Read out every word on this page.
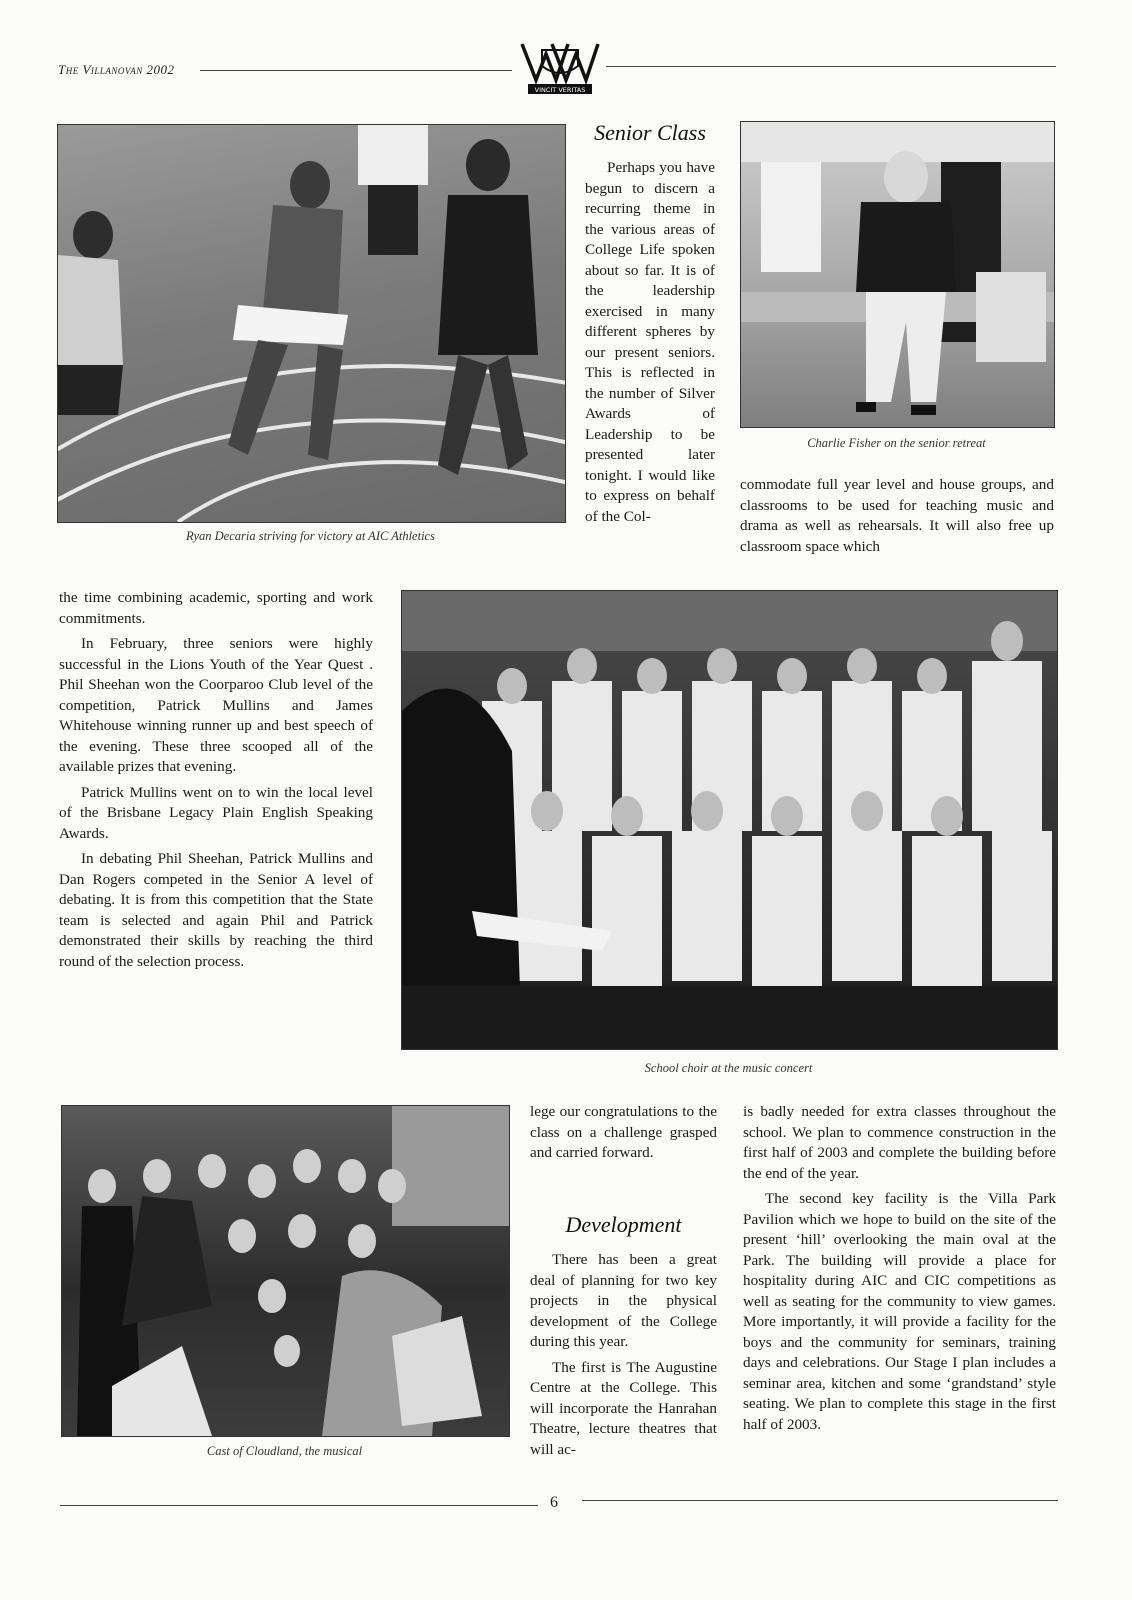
The Villanovan 2002
VINCIT VERITAS
Ryan Decaria striving for victory at AIC Athletics
Senior Class

Perhaps you have begun to discern a recurring theme in the various areas of College Life spoken about so far. It is of the leadership exercised in many different spheres by our present seniors. This is reflected in the number of Silver Awards of Leadership to be presented later tonight. I would like to express on behalf of the Col-

Charlie Fisher on the senior retreat

commodate full year level and house groups, and classrooms to be used for teaching music and drama as well as rehearsals. It will also free up classroom space which

the time combining academic, sporting and work commitments.

In February, three seniors were highly successful in the Lions Youth of the Year Quest . Phil Sheehan won the Coorparoo Club level of the competition, Patrick Mullins and James Whitehouse winning runner up and best speech of the evening. These three scooped all of the available prizes that evening.

Patrick Mullins went on to win the local level of the Brisbane Legacy Plain English Speaking Awards.

In debating Phil Sheehan, Patrick Mullins and Dan Rogers competed in the Senior A level of debating. It is from this competition that the State team is selected and again Phil and Patrick demonstrated their skills by reaching the third round of the selection process.

School choir at the music concert
Cast of Cloudland, the musical

lege our congratulations to the class on a challenge grasped and carried forward.

Development

There has been a great deal of planning for two key projects in the physical development of the College during this year.

The first is The Augustine Centre at the College. This will incorporate the Hanrahan Theatre, lecture theatres that will ac-

is badly needed for extra classes throughout the school. We plan to commence construction in the first half of 2003 and complete the building before the end of the year.

The second key facility is the Villa Park Pavilion which we hope to build on the site of the present ‘hill’ overlooking the main oval at the Park. The building will provide a place for hospitality during AIC and CIC competitions as well as seating for the community to view games. More importantly, it will provide a facility for the boys and the community for seminars, training days and celebrations. Our Stage I plan includes a seminar area, kitchen and some ‘grandstand’ style seating. We plan to complete this stage in the first half of 2003.

6
